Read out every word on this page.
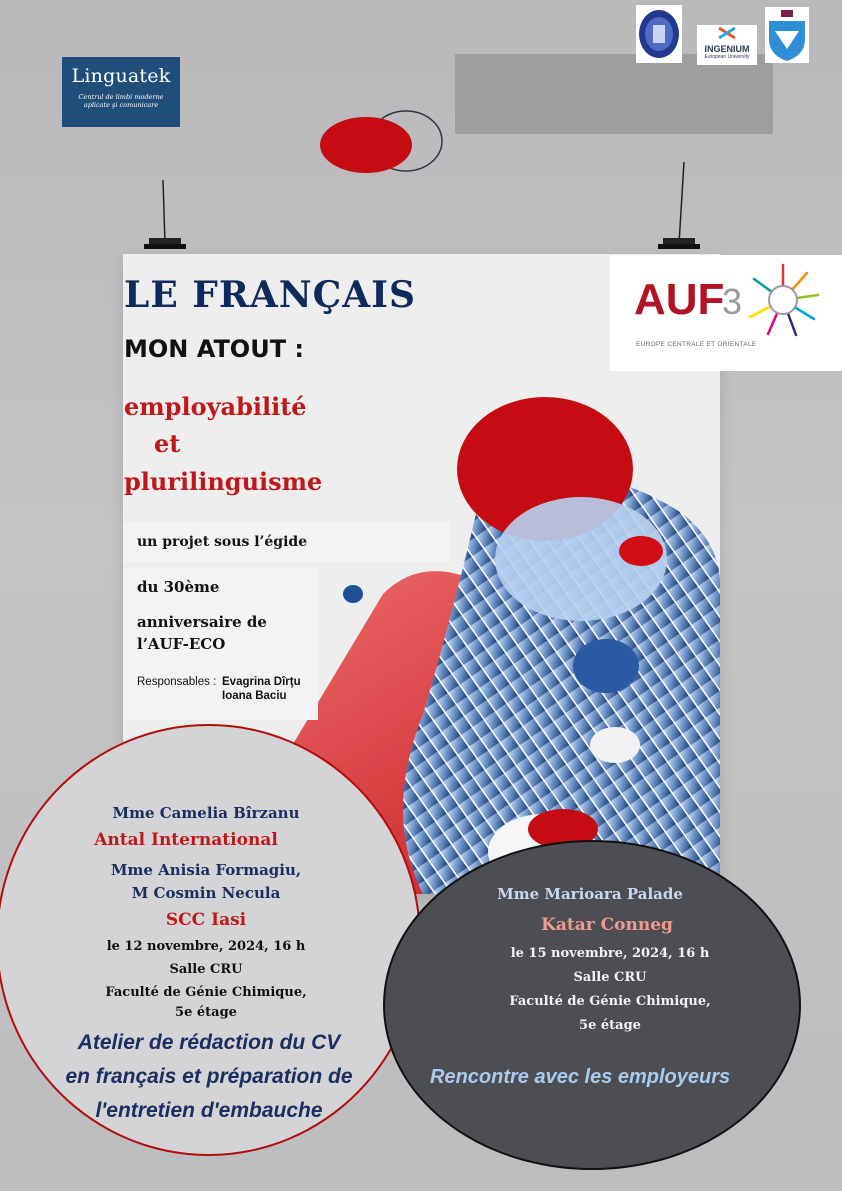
Linguatek
Centrul de limbi moderne aplicate şi comunicare
INGENIUM
European University
AUF
3
EUROPE CENTRALE ET ORIENTALE
LE FRANÇAIS
MON ATOUT :
employabilité
et
plurilinguisme
un projet sous l’égide
du 30ème
anniversaire de
l’AUF-ECO
Responsables : Evagrina Dîrţu
Ioana Baciu
Mme Camelia Bîrzanu
Antal International
Mme Anisia Formagiu,
M Cosmin Necula
SCC Iasi
le 12 novembre, 2024, 16 h
Salle CRU
Faculté de Génie Chimique,
5e étage
Atelier de rédaction du CV
en français et préparation de
l'entretien d'embauche
Mme Marioara Palade
Katar Conneg
le 15 novembre, 2024, 16 h
Salle CRU
Faculté de Génie Chimique,
5e étage
Rencontre avec les employeurs
